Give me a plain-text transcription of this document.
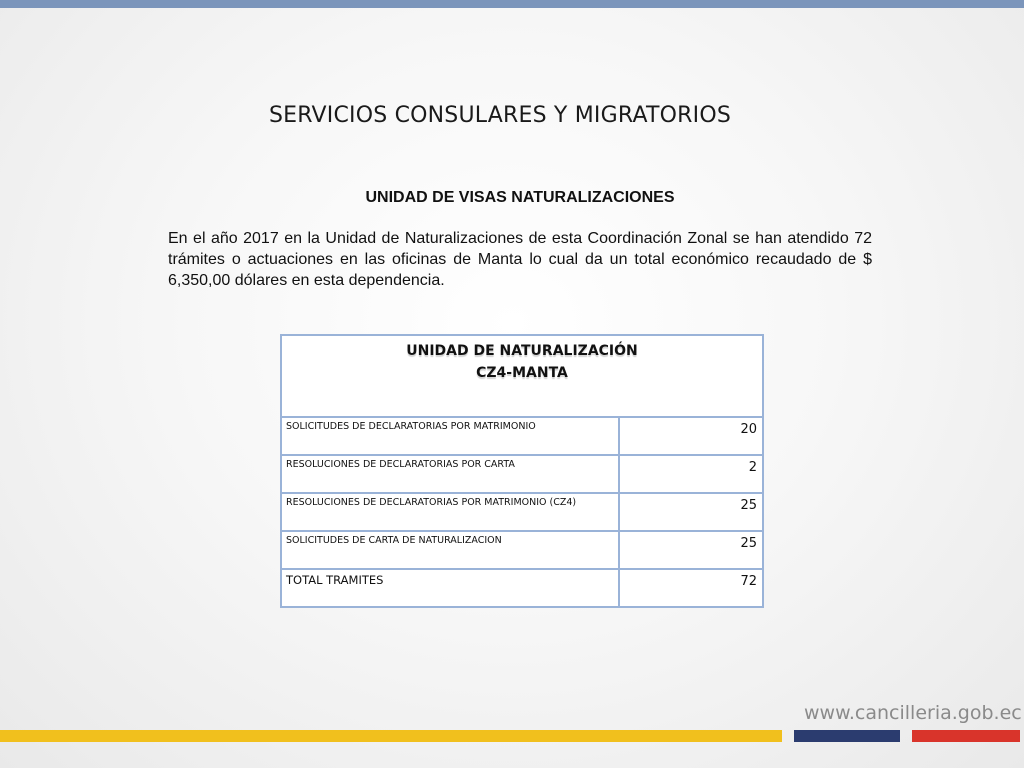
SERVICIOS CONSULARES Y MIGRATORIOS
UNIDAD DE VISAS NATURALIZACIONES
En el año 2017 en la Unidad de Naturalizaciones de esta Coordinación Zonal se han atendido 72 trámites o actuaciones en las oficinas de Manta lo cual da un total económico recaudado de $ 6,350,00 dólares en esta dependencia.
UNIDAD DE NATURALIZACIÓN
CZ4-MANTA	

SOLICITUDES DE DECLARATORIAS POR MATRIMONIO	20
RESOLUCIONES DE DECLARATORIAS POR CARTA	2
RESOLUCIONES DE DECLARATORIAS POR MATRIMONIO (CZ4)	25
SOLICITUDES DE CARTA DE NATURALIZACION	25
TOTAL TRAMITES	72
www.cancilleria.gob.ec
